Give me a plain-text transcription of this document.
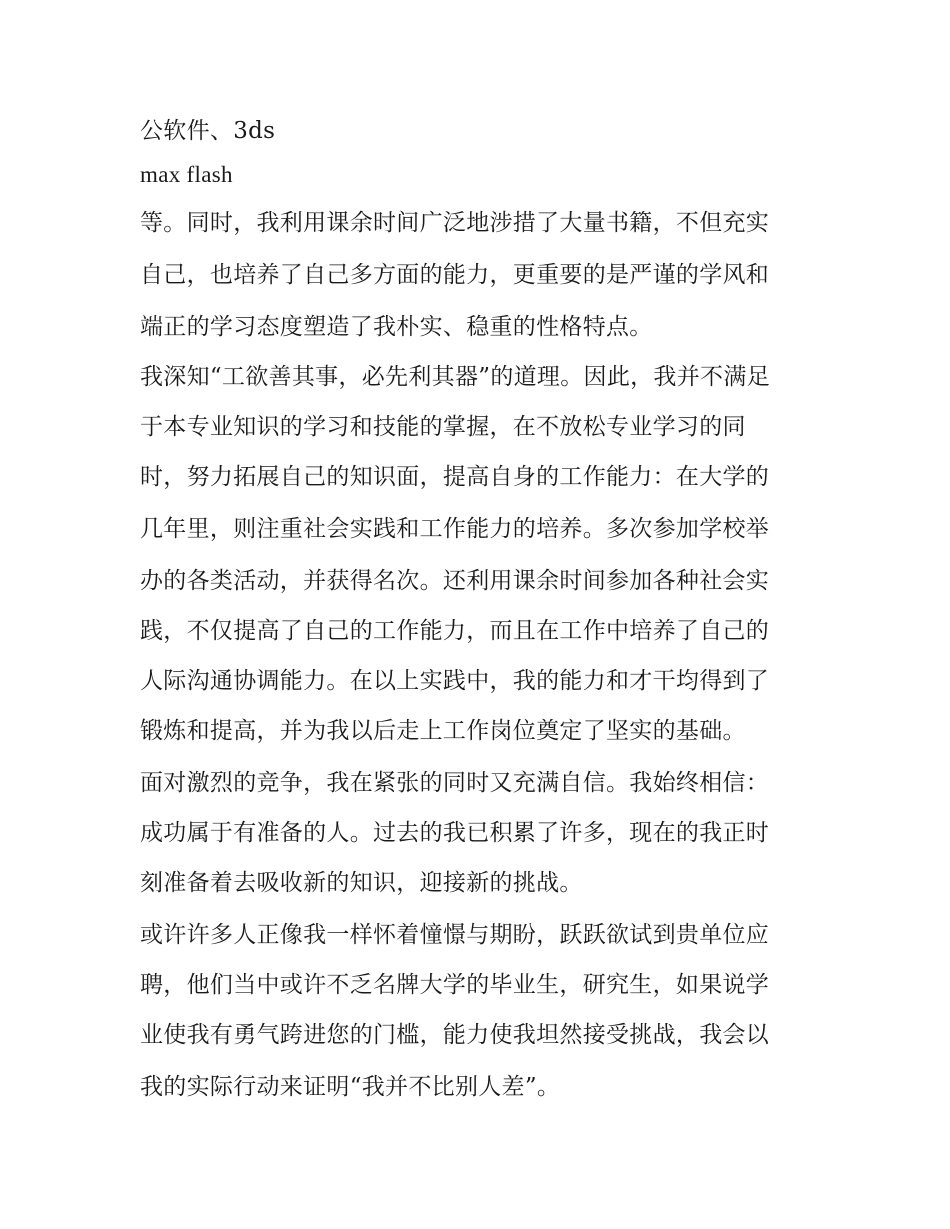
公软件、3ds
max flash
等。同时，我利用课余时间广泛地涉措了大量书籍，不但充实
自己，也培养了自己多方面的能力，更重要的是严谨的学风和
端正的学习态度塑造了我朴实、稳重的性格特点。
我深知“工欲善其事，必先利其器”的道理。因此，我并不满足
于本专业知识的学习和技能的掌握，在不放松专业学习的同
时，努力拓展自己的知识面，提高自身的工作能力：在大学的
几年里，则注重社会实践和工作能力的培养。多次参加学校举
办的各类活动，并获得名次。还利用课余时间参加各种社会实
践，不仅提高了自己的工作能力，而且在工作中培养了自己的
人际沟通协调能力。在以上实践中，我的能力和才干均得到了
锻炼和提高，并为我以后走上工作岗位奠定了坚实的基础。
面对激烈的竞争，我在紧张的同时又充满自信。我始终相信：
成功属于有准备的人。过去的我已积累了许多，现在的我正时
刻准备着去吸收新的知识，迎接新的挑战。
或许许多人正像我一样怀着憧憬与期盼，跃跃欲试到贵单位应
聘，他们当中或许不乏名牌大学的毕业生，研究生，如果说学
业使我有勇气跨进您的门槛，能力使我坦然接受挑战，我会以
我的实际行动来证明“我并不比别人差”。
